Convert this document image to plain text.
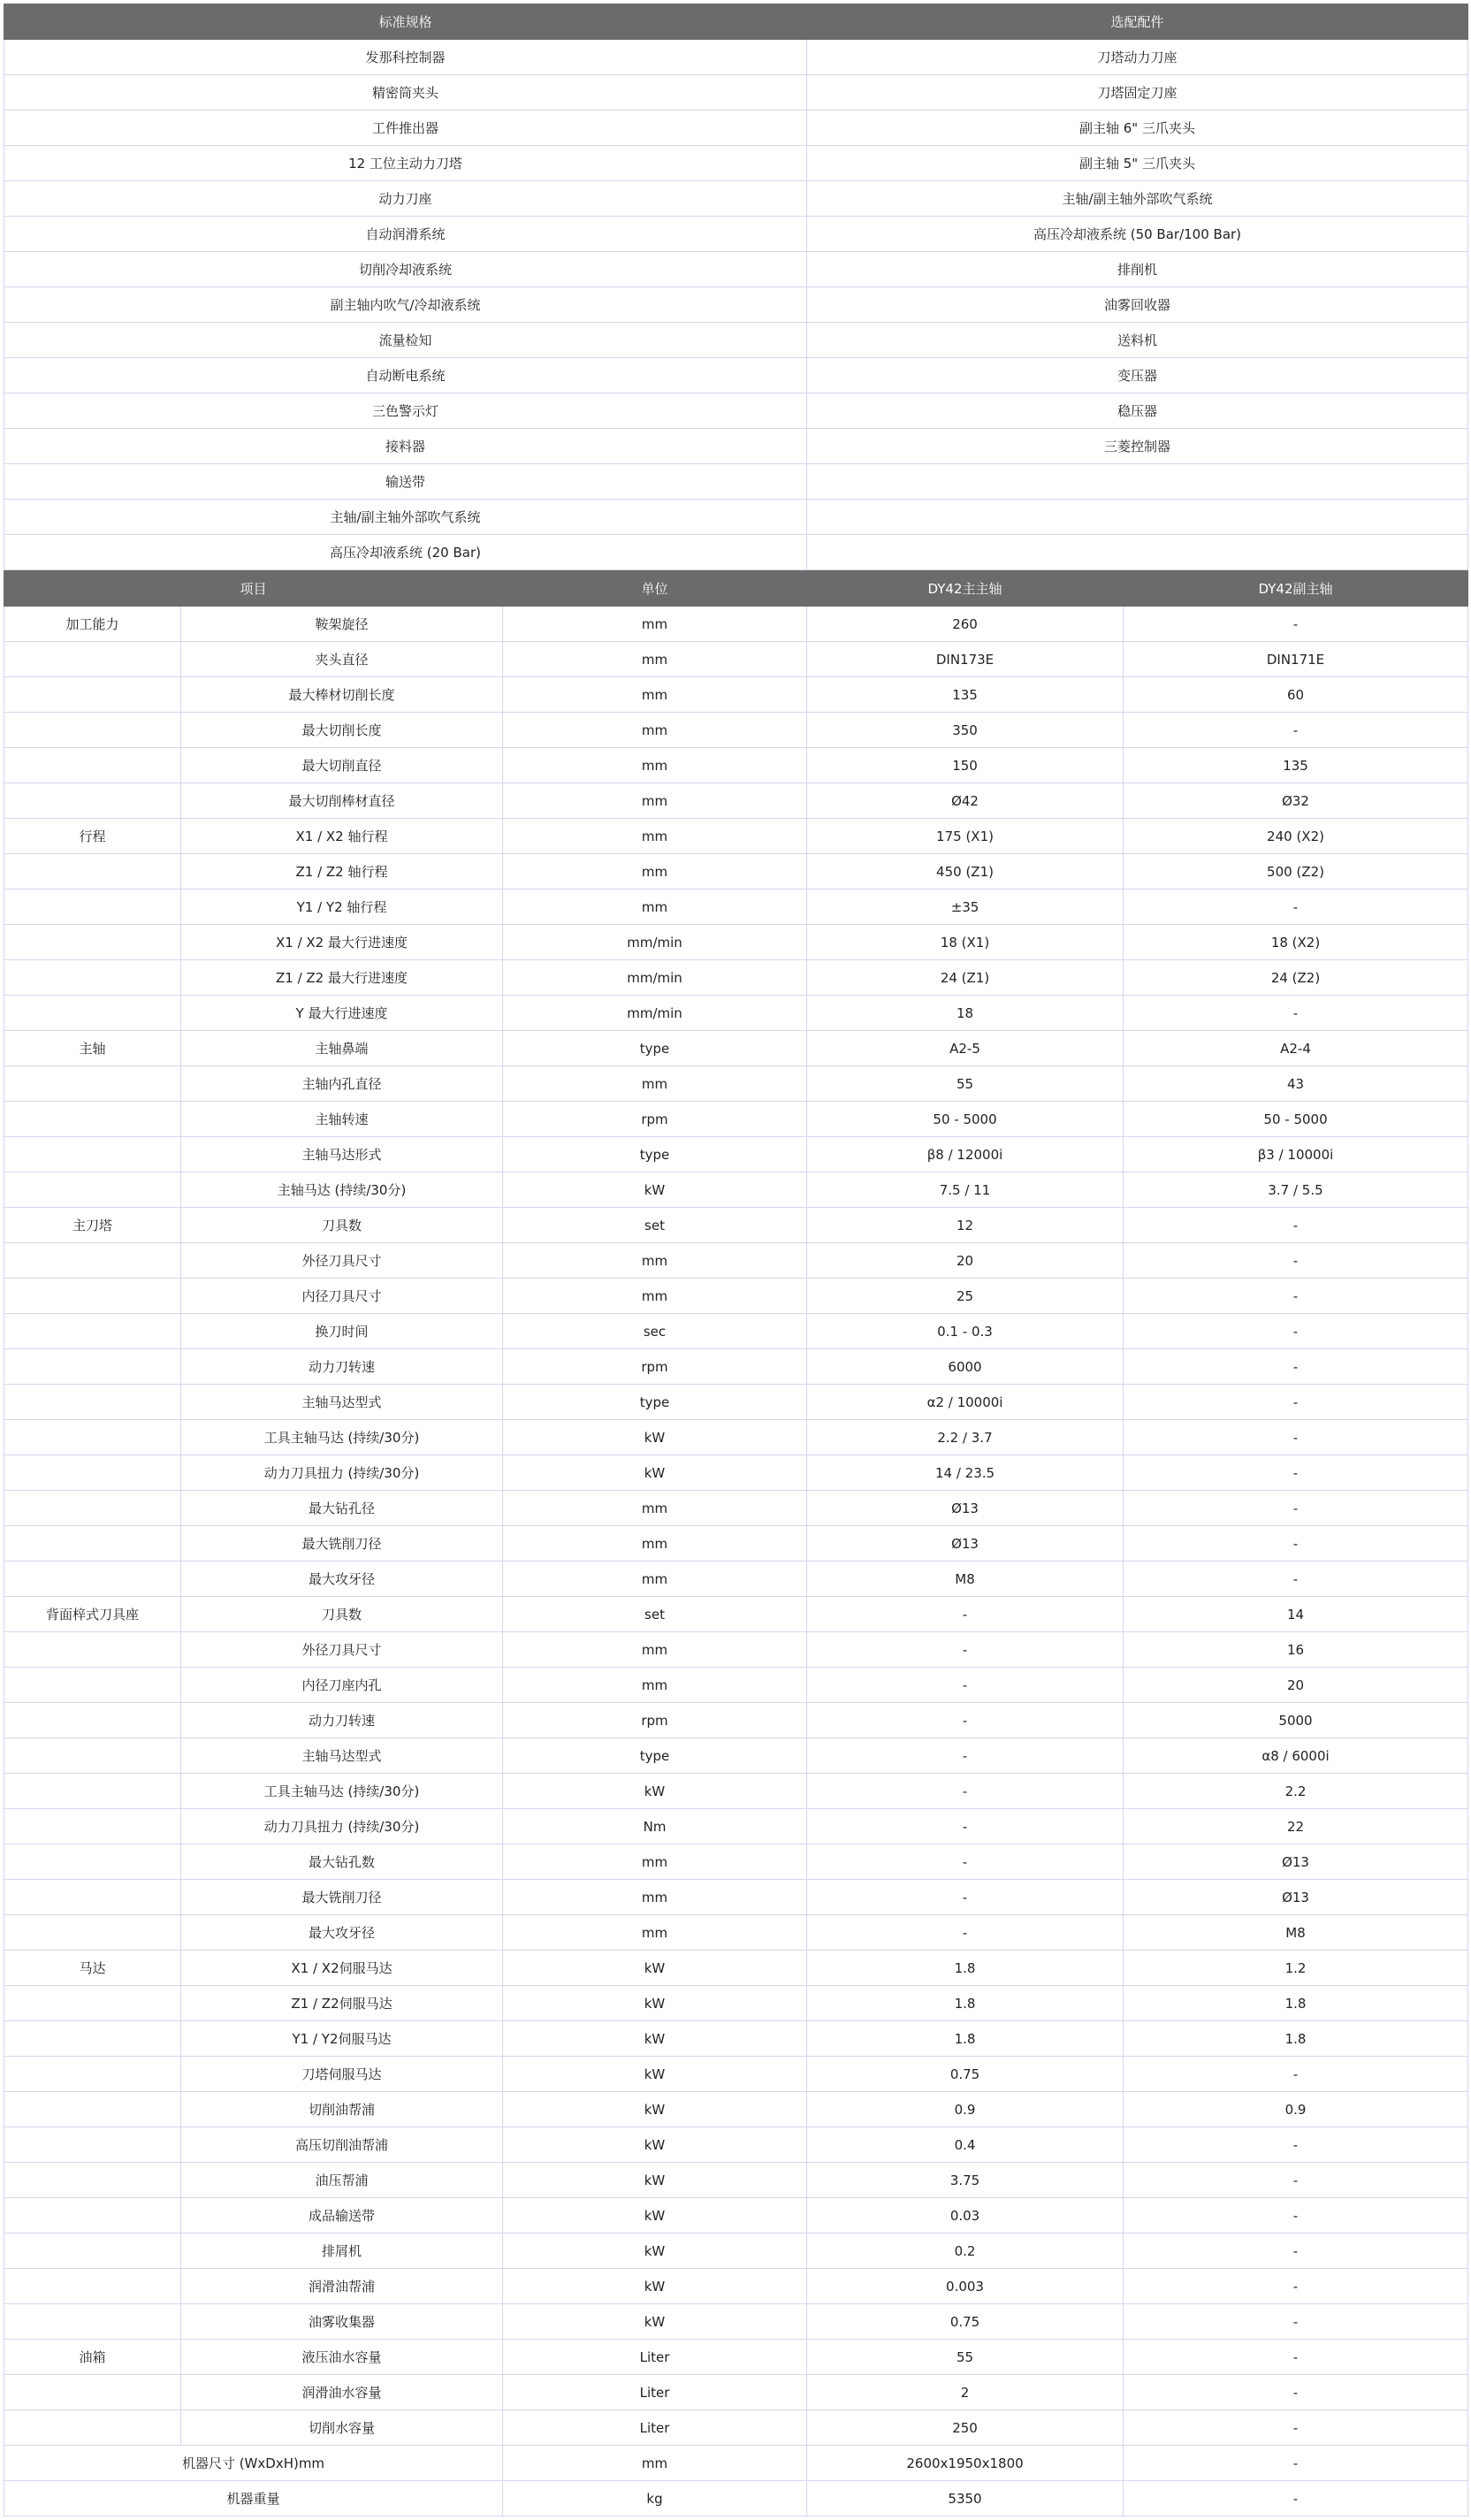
标准规格	选配配件
发那科控制器	刀塔动力刀座
精密筒夹头	刀塔固定刀座
工件推出器	副主轴 6" 三爪夹头
12 工位主动力刀塔	副主轴 5" 三爪夹头
动力刀座	主轴/副主轴外部吹气系统
自动润滑系统	高压冷却液系统 (50 Bar/100 Bar)
切削冷却液系统	排削机
副主轴内吹气/冷却液系统	油雾回收器
流量检知	送料机
自动断电系统	变压器
三色警示灯	稳压器
接料器	三菱控制器
输送带	
主轴/副主轴外部吹气系统	
高压冷却液系统 (20 Bar)	
项目		单位	DY42主主轴	DY42副主轴
加工能力	鞍架旋径	mm	260	-
	夹头直径	mm	DIN173E	DIN171E
	最大棒材切削长度	mm	135	60
	最大切削长度	mm	350	-
	最大切削直径	mm	150	135
	最大切削棒材直径	mm	Ø42	Ø32
行程	X1 / X2 轴行程	mm	175 (X1)	240 (X2)
	Z1 / Z2 轴行程	mm	450 (Z1)	500 (Z2)
	Y1 / Y2 轴行程	mm	±35	-
	X1 / X2 最大行进速度	mm/min	18 (X1)	18 (X2)
	Z1 / Z2 最大行进速度	mm/min	24 (Z1)	24 (Z2)
	Y 最大行进速度	mm/min	18	-
主轴	主轴鼻端	type	A2-5	A2-4
	主轴内孔直径	mm	55	43
	主轴转速	rpm	50 - 5000	50 - 5000
	主轴马达形式	type	β8 / 12000i	β3 / 10000i
	主轴马达 (持续/30分)	kW	7.5 / 11	3.7 / 5.5
主刀塔	刀具数	set	12	-
	外径刀具尺寸	mm	20	-
	内径刀具尺寸	mm	25	-
	换刀时间	sec	0.1 - 0.3	-
	动力刀转速	rpm	6000	-
	主轴马达型式	type	α2 / 10000i	-
	工具主轴马达 (持续/30分)	kW	2.2 / 3.7	-
	动力刀具扭力 (持续/30分)	kW	14 / 23.5	-
	最大钻孔径	mm	Ø13	-
	最大铣削刀径	mm	Ø13	-
	最大攻牙径	mm	M8	-
背面梓式刀具座	刀具数	set	-	14
	外径刀具尺寸	mm	-	16
	内径刀座内孔	mm	-	20
	动力刀转速	rpm	-	5000
	主轴马达型式	type	-	α8 / 6000i
	工具主轴马达 (持续/30分)	kW	-	2.2
	动力刀具扭力 (持续/30分)	Nm	-	22
	最大钻孔数	mm	-	Ø13
	最大铣削刀径	mm	-	Ø13
	最大攻牙径	mm	-	M8
马达	X1 / X2伺服马达	kW	1.8	1.2
	Z1 / Z2伺服马达	kW	1.8	1.8
	Y1 / Y2伺服马达	kW	1.8	1.8
	刀塔伺服马达	kW	0.75	-
	切削油帮浦	kW	0.9	0.9
	高压切削油帮浦	kW	0.4	-
	油压帮浦	kW	3.75	-
	成品输送带	kW	0.03	-
	排屑机	kW	0.2	-
	润滑油帮浦	kW	0.003	-
	油雾收集器	kW	0.75	-
油箱	液压油水容量	Liter	55	-
	润滑油水容量	Liter	2	-
	切削水容量	Liter	250	-
机器尺寸 (WxDxH)mm		mm	2600x1950x1800	-
机器重量		kg	5350	-
